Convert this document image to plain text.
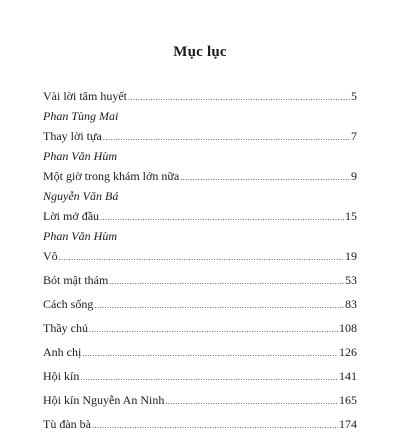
Mục lục
Vài lời tâm huyết .....	5
Phan Tùng Mai
Thay lời tựa .....	7
Phan Văn Hùm
Một giờ trong khám lớn nữa .....	9
Nguyễn Văn Bá
Lời mở đầu .....	15
Phan Văn Hùm
Vô .....	19
Bót mật thám .....	53
Cách sống .....	83
Thầy chú .....	108
Anh chị .....	126
Hội kín .....	141
Hội kín Nguyễn An Ninh .....	165
Tù đàn bà .....	174
